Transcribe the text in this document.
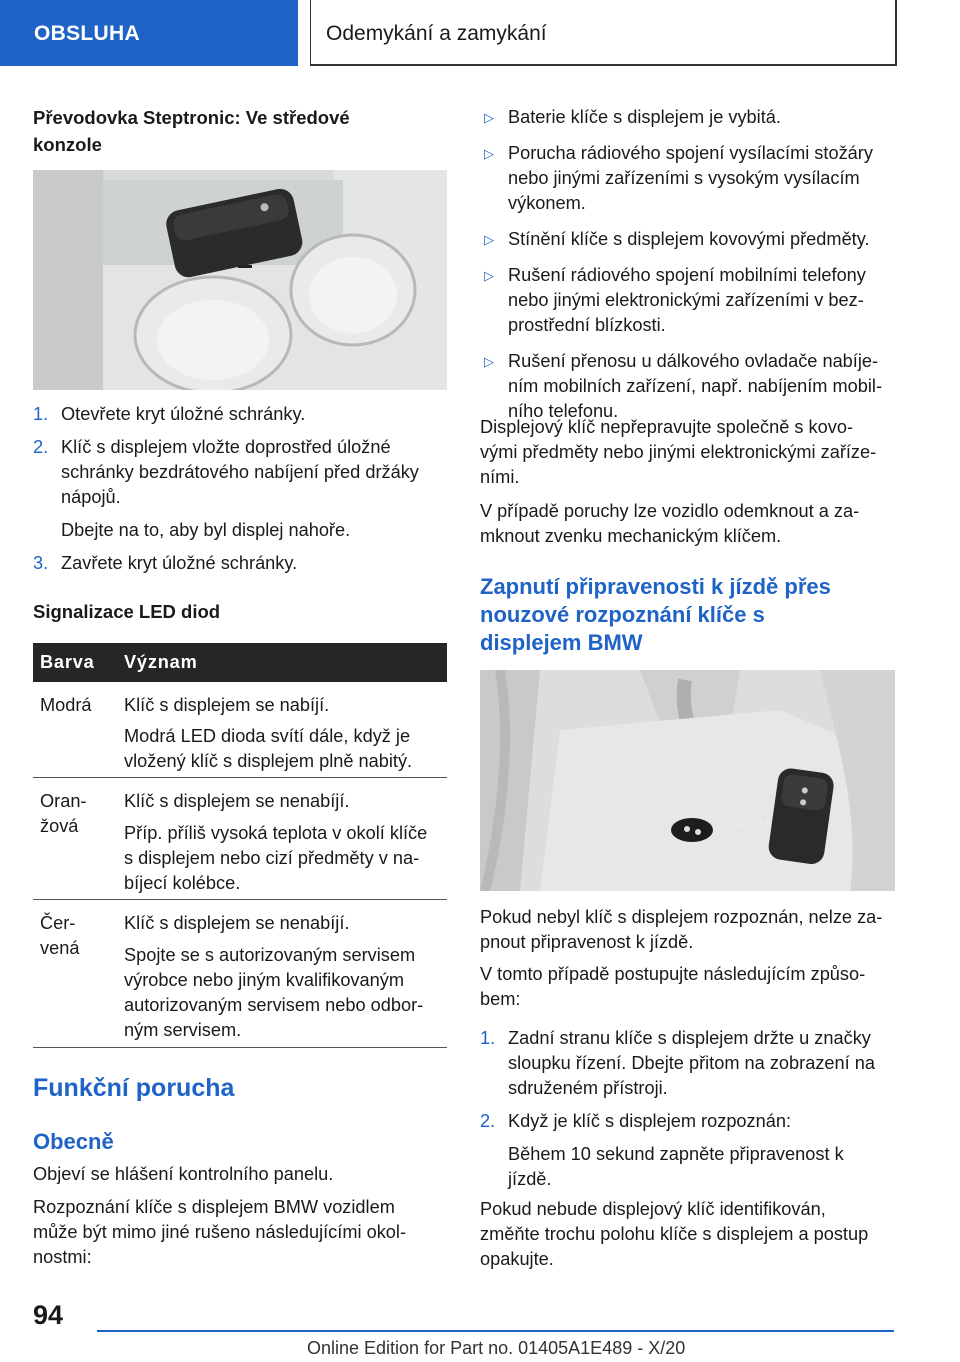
OBSLUHA	Odemykání a zamykání

Převodovka Steptronic: Ve středové

konzole

1. Otevřete kryt úložné schránky.

2. Klíč s displejem vložte doprostřed úložné

schránky bezdrátového nabíjení před držáky

nápojů.

Dbejte na to, aby byl displej nahoře.

3. Zavřete kryt úložné schránky.

Signalizace LED diod

Barva Význam

Modrá	Klíč s displejem se nabíjí.

Modrá LED dioda svítí dále, když je

vložený klíč s displejem plně nabitý.

Oran-

žová

Klíč s displejem se nenabíjí.

Příp. příliš vysoká teplota v okolí klíče

s displejem nebo cizí předměty v na-

bíjecí kolébce.

Čer-

vená

Klíč s displejem se nenabíjí.

Spojte se s autorizovaným servisem

výrobce nebo jiným kvalifikovaným

autorizovaným servisem nebo odbor-

ným servisem.

Funkční porucha

Obecně

Objeví se hlášení kontrolního panelu.

Rozpoznání klíče s displejem BMW vozidlem

může být mimo jiné rušeno následujícími okol-

nostmi:

▷ Baterie klíče s displejem je vybitá.

▷ Porucha rádiového spojení vysílacími stožáry

nebo jinými zařízeními s vysokým vysílacím

výkonem.

▷ Stínění klíče s displejem kovovými předměty.

▷ Rušení rádiového spojení mobilními telefony

nebo jinými elektronickými zařízeními v bez-

prostřední blízkosti.

▷ Rušení přenosu u dálkového ovladače nabíje-

ním mobilních zařízení, např. nabíjením mobil-

ního telefonu.

Displejový klíč nepřepravujte společně s kovo-

vými předměty nebo jinými elektronickými zaříze-

ními.

V případě poruchy lze vozidlo odemknout a za-

mknout zvenku mechanickým klíčem.

Zapnutí připravenosti k jízdě přes

nouzové rozpoznání klíče s

displejem BMW

Pokud nebyl klíč s displejem rozpoznán, nelze za-

pnout připravenost k jízdě.

V tomto případě postupujte následujícím způso-

bem:

1. Zadní stranu klíče s displejem držte u značky

sloupku řízení. Dbejte přitom na zobrazení na

sdruženém přístroji.

2. Když je klíč s displejem rozpoznán:

Během 10 sekund zapněte připravenost k

jízdě.

Pokud nebude displejový klíč identifikován,

změňte trochu polohu klíče s displejem a postup

opakujte.

94
Online Edition for Part no. 01405A1E489 - X/20
